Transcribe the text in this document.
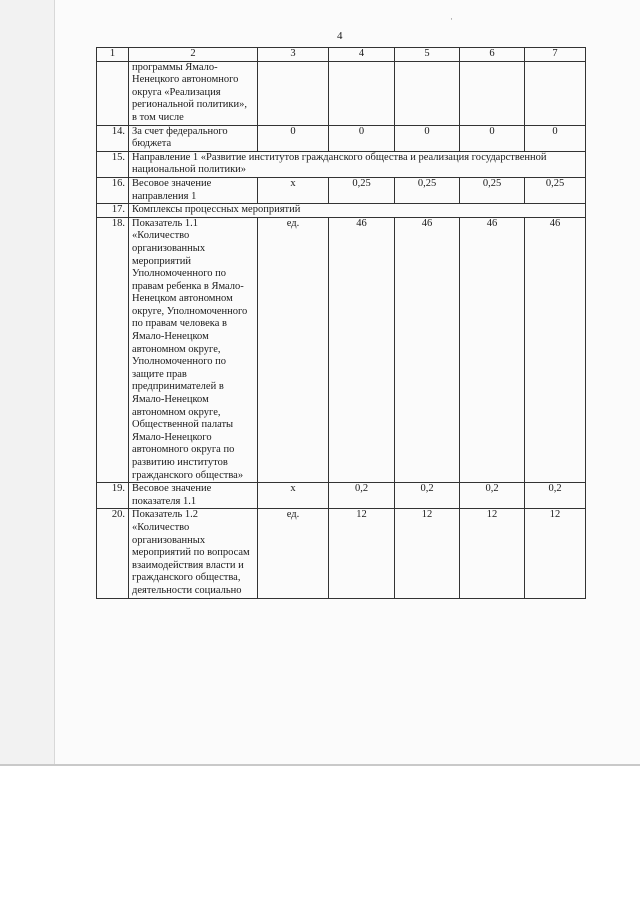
·
4
1	2	3	4	5	6	7
	программы Ямало-Ненецкого автономного округа «Реализация региональной политики», в том числе					
14.	За счет федерального бюджета	0	0	0	0	0
15.	Направление 1 «Развитие институтов гражданского общества и реализация государственной национальной политики»					
16.	Весовое значение направления 1	х	0,25	0,25	0,25	0,25
17.	Комплексы процессных мероприятий					
18.	Показатель 1.1 «Количество организованных мероприятий Уполномоченного по правам ребенка в Ямало-Ненецком автономном округе, Уполномоченного по правам человека в Ямало-Ненецком автономном округе, Уполномоченного по защите прав предпринимателей в Ямало-Ненецком автономном округе, Общественной палаты Ямало-Ненецкого автономного округа по развитию институтов гражданского общества»	ед.	46	46	46	46
19.	Весовое значение показателя 1.1	х	0,2	0,2	0,2	0,2
20.	Показатель 1.2 «Количество организованных мероприятий по вопросам взаимодействия власти и гражданского общества, деятельности социально	ед.	12	12	12	12
